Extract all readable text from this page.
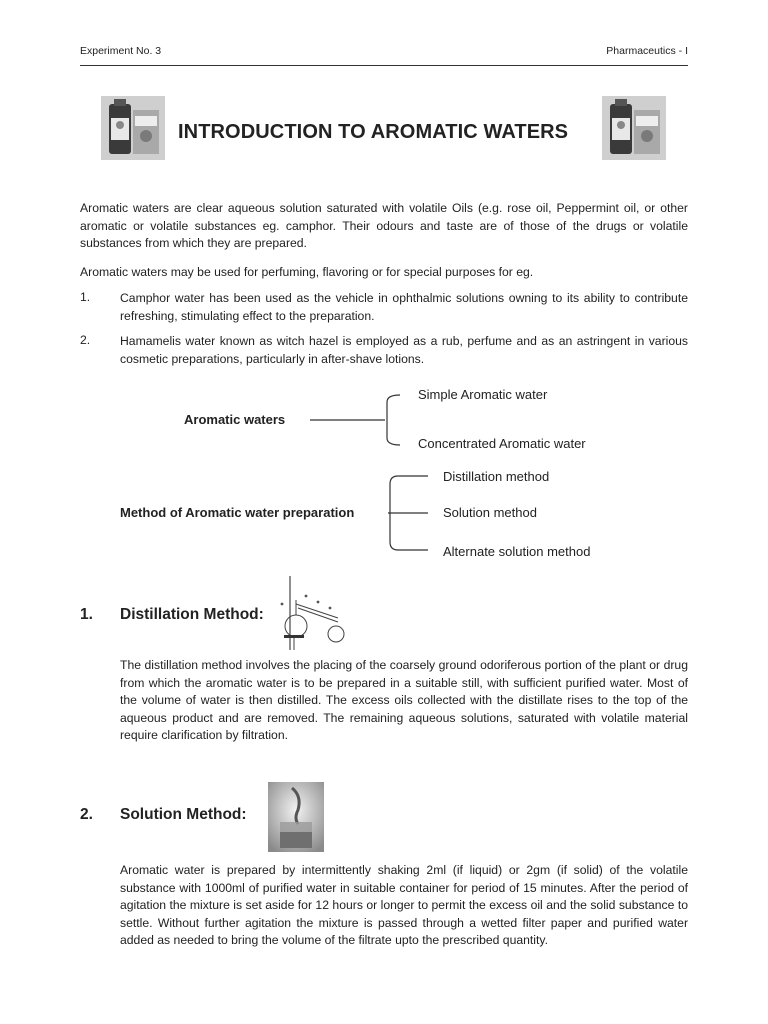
Experiment No. 3	Pharmaceutics - I
INTRODUCTION TO AROMATIC WATERS
Aromatic waters are clear aqueous solution saturated with volatile Oils (e.g. rose oil, Peppermint oil, or other aromatic or volatile substances eg. camphor. Their odours and taste are of those of the drugs or volatile substances from which they are prepared.
Aromatic waters may be used for perfuming, flavoring or for special purposes for eg.
1. Camphor water has been used as the vehicle in ophthalmic solutions owning to its ability to contribute refreshing, stimulating effect to the preparation.
2. Hamamelis water known as witch hazel is employed as a rub, perfume and as an astringent in various cosmetic preparations, particularly in after-shave lotions.
Aromatic waters
Simple Aromatic water
Concentrated Aromatic water
Method of Aromatic water preparation
Distillation method
Solution method
Alternate solution method
1. Distillation Method:
The distillation method involves the placing of the coarsely ground odoriferous portion of the plant or drug from which the aromatic water is to be prepared in a suitable still, with sufficient purified water. Most of the volume of water is then distilled. The excess oils collected with the distillate rises to the top of the aqueous product and are removed. The remaining aqueous solutions, saturated with volatile material require clarification by filtration.
2. Solution Method:
Aromatic water is prepared by intermittently shaking 2ml (if liquid) or 2gm (if solid) of the volatile substance with 1000ml of purified water in suitable container for period of 15 minutes. After the period of agitation the mixture is set aside for 12 hours or longer to permit the excess oil and the solid substance to settle. Without further agitation the mixture is passed through a wetted filter paper and purified water added as needed to bring the volume of the filtrate upto the prescribed quantity.
